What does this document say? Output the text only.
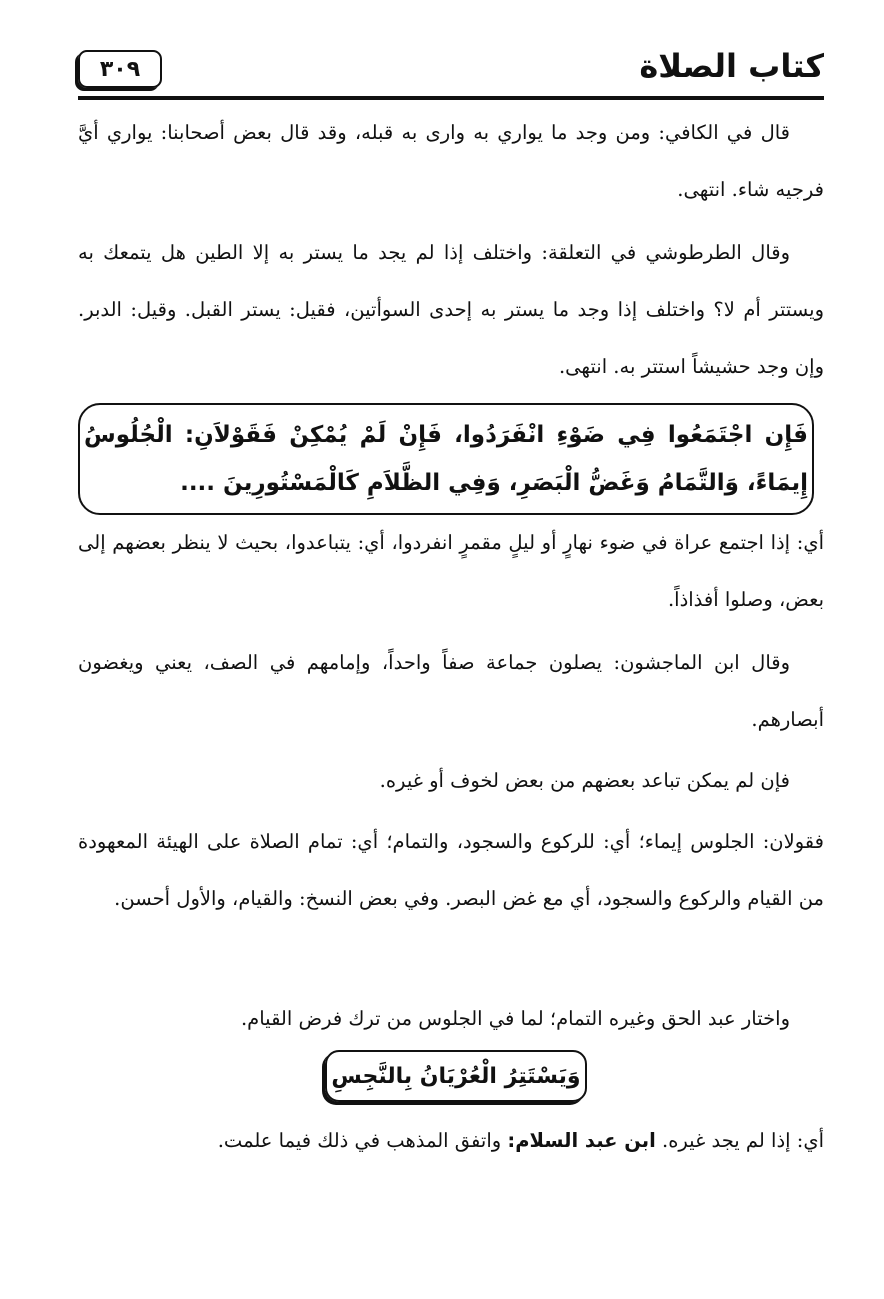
كتاب الصلاة
٣٠٩

قال في الكافي: ومن وجد ما يواري به وارى به قبله، وقد قال بعض أصحابنا: يواري أيَّ فرجيه شاء. انتهى.

وقال الطرطوشي في التعلقة: واختلف إذا لم يجد ما يستر به إلا الطين هل يتمعك به ويستتر أم لا؟ واختلف إذا وجد ما يستر به إحدى السوأتين، فقيل: يستر القبل. وقيل: الدبر. وإن وجد حشيشاً استتر به. انتهى.

فَإِن اجْتَمَعُوا فِي ضَوْءِ انْفَرَدُوا، فَإِنْ لَمْ يُمْكِنْ فَقَوْلاَنِ: الْجُلُوسُ إِيمَاءً، وَالتَّمَامُ وَغَضُّ الْبَصَرِ، وَفِي الظَّلاَمِ كَالْمَسْتُورِينَ ....

أي: إذا اجتمع عراة في ضوء نهارٍ أو ليلٍ مقمرٍ انفردوا، أي: يتباعدوا، بحيث لا ينظر بعضهم إلى بعض، وصلوا أفذاذاً.

وقال ابن الماجشون: يصلون جماعة صفاً واحداً، وإمامهم في الصف، يعني ويغضون أبصارهم.

فإن لم يمكن تباعد بعضهم من بعض لخوف أو غيره.

فقولان: الجلوس إيماء؛ أي: للركوع والسجود، والتمام؛ أي: تمام الصلاة على الهيئة المعهودة من القيام والركوع والسجود، أي مع غض البصر. وفي بعض النسخ: والقيام، والأول أحسن.

واختار عبد الحق وغيره التمام؛ لما في الجلوس من ترك فرض القيام.

وَيَسْتَتِرُ الْعُرْيَانُ بِالنَّجِسِ

أي: إذا لم يجد غيره. ابن عبد السلام: واتفق المذهب في ذلك فيما علمت.
